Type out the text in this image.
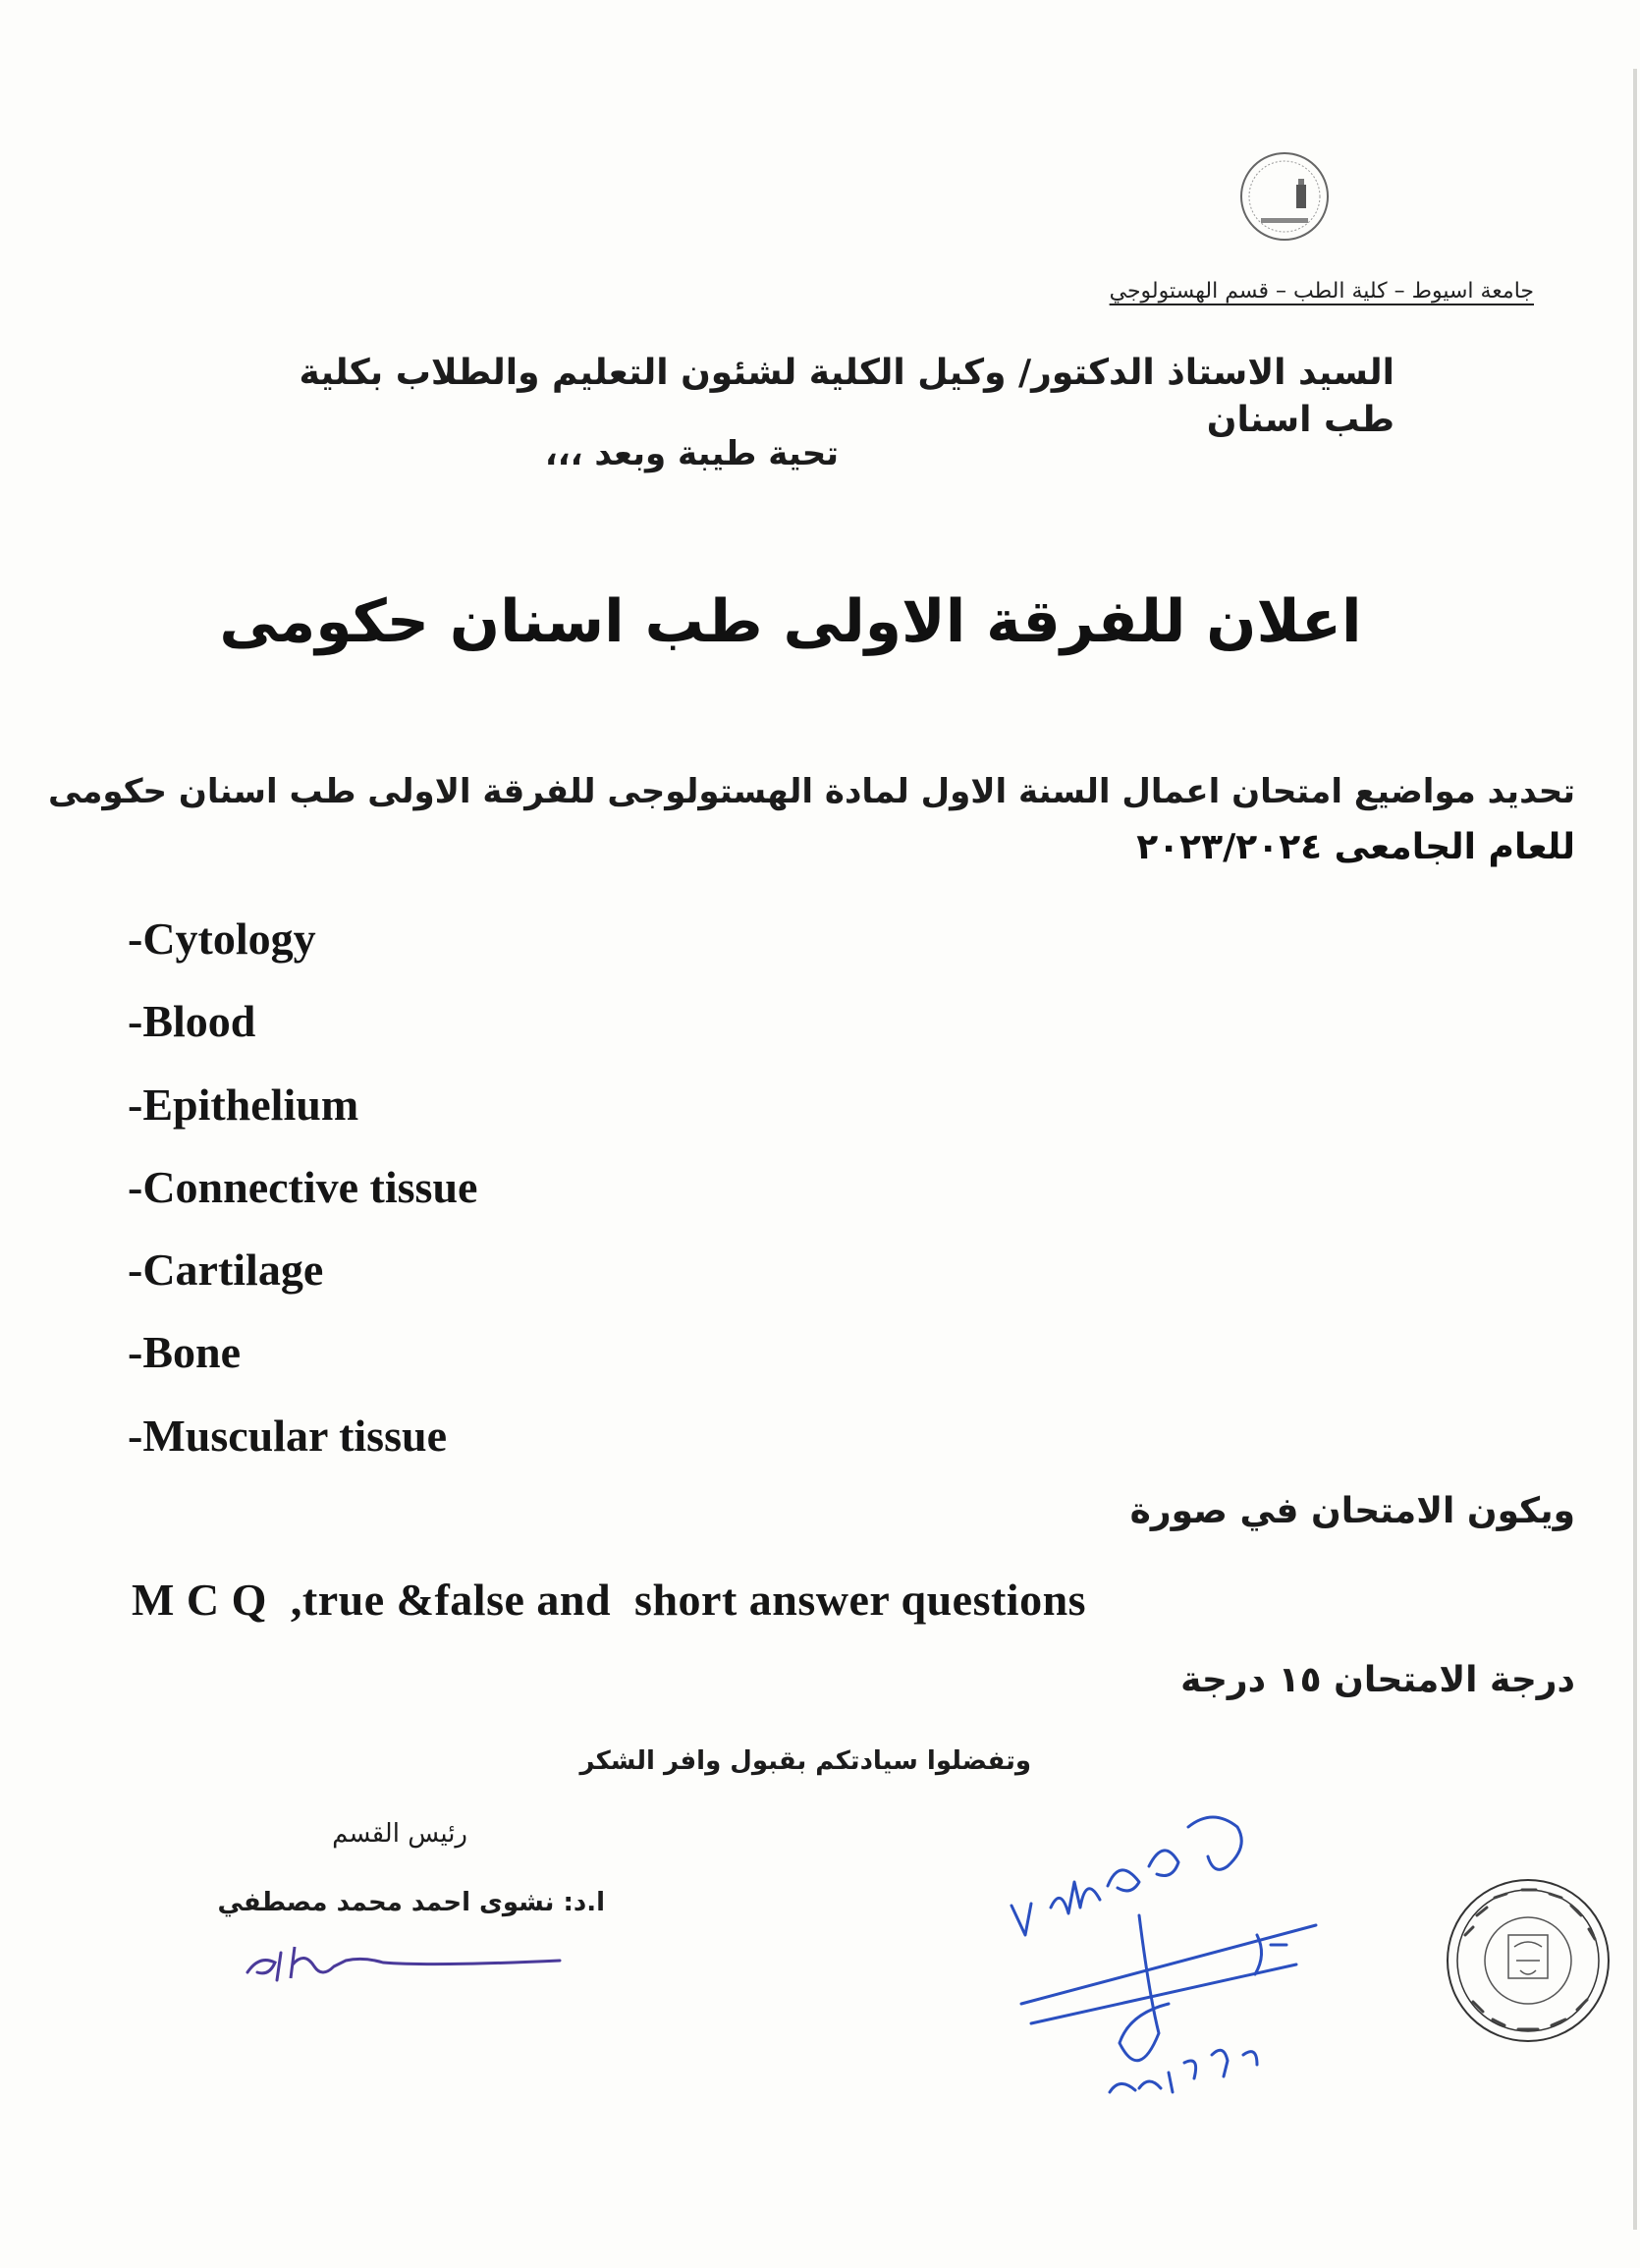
جامعة اسيوط – كلية الطب – قسم الهستولوجي
السيد الاستاذ الدكتور/ وكيل الكلية لشئون التعليم والطلاب بكلية طب اسنان
تحية طيبة وبعد ،،،
اعلان للفرقة الاولى طب اسنان حكومى
تحديد مواضيع امتحان اعمال السنة الاول لمادة الهستولوجى للفرقة الاولى طب اسنان حكومى
للعام الجامعى ٢٠٢٣/٢٠٢٤
-Cytology
-Blood
-Epithelium
-Connective tissue
-Cartilage
-Bone
-Muscular tissue
ويكون الامتحان في صورة
M C Q  ,true &false and  short answer questions
درجة الامتحان ١٥ درجة
وتفضلوا سيادتكم بقبول وافر الشكر
رئيس القسم
ا.د: نشوى احمد محمد مصطفي
